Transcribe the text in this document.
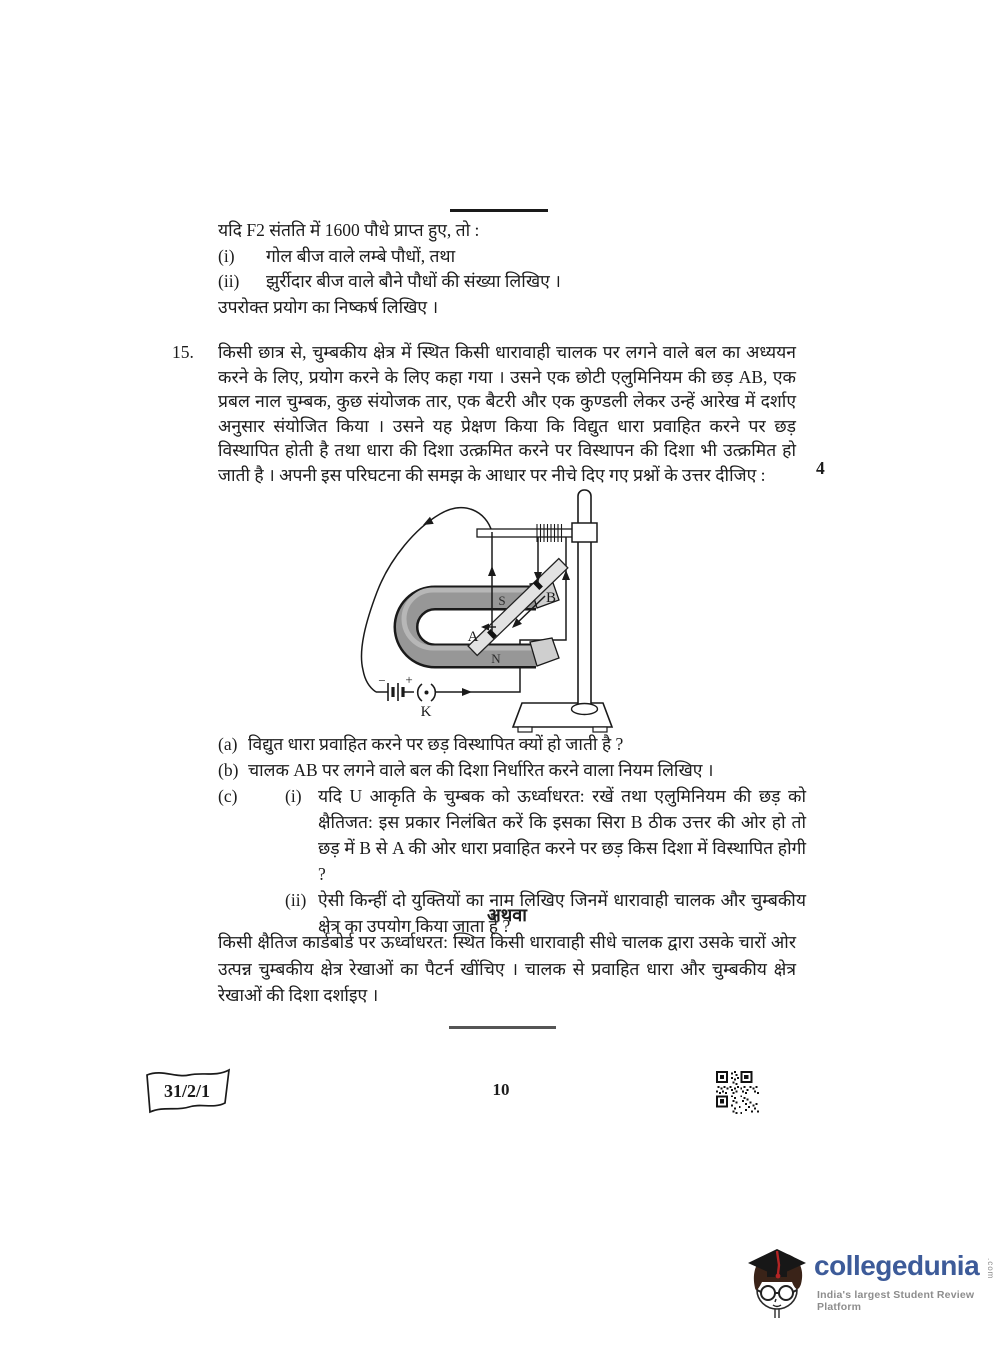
यदि F2 संतति में 1600 पौधे प्राप्त हुए, तो :
(i)	गोल बीज वाले लम्बे पौधों, तथा
(ii)	झुर्रीदार बीज वाले बौने पौधों की संख्या लिखिए ।
उपरोक्त प्रयोग का निष्कर्ष लिखिए ।
15. किसी छात्र से, चुम्बकीय क्षेत्र में स्थित किसी धारावाही चालक पर लगने वाले बल का अध्ययन करने के लिए, प्रयोग करने के लिए कहा गया । उसने एक छोटी एलुमिनियम की छड़ AB, एक प्रबल नाल चुम्बक, कुछ संयोजक तार, एक बैटरी और एक कुण्डली लेकर उन्हें आरेख में दर्शाए अनुसार संयोजित किया । उसने यह प्रेक्षण किया कि विद्युत धारा प्रवाहित करने पर छड़ विस्थापित होती है तथा धारा की दिशा उत्क्रमित करने पर विस्थापन की दिशा भी उत्क्रमित हो जाती है । अपनी इस परिघटना की समझ के आधार पर नीचे दिए गए प्रश्नों के उत्तर दीजिए :	4
− +
K
S
N
A
B
(a) विद्युत धारा प्रवाहित करने पर छड़ विस्थापित क्यों हो जाती है ?
(b) चालक AB पर लगने वाले बल की दिशा निर्धारित करने वाला नियम लिखिए ।
(c)	(i) यदि U आकृति के चुम्बक को ऊर्ध्वाधरत: रखें तथा एलुमिनियम की छड़ को क्षैतिजत: इस प्रकार निलंबित करें कि इसका सिरा B ठीक उत्तर की ओर हो तो छड़ में B से A की ओर धारा प्रवाहित करने पर छड़ किस दिशा में विस्थापित होगी ?
(ii) ऐसी किन्हीं दो युक्तियों का नाम लिखिए जिनमें धारावाही चालक और चुम्बकीय क्षेत्र का उपयोग किया जाता है ?
अथवा
किसी क्षैतिज कार्डबोर्ड पर ऊर्ध्वाधरत: स्थित किसी धारावाही सीधे चालक द्वारा उसके चारों ओर उत्पन्न चुम्बकीय क्षेत्र रेखाओं का पैटर्न खींचिए । चालक से प्रवाहित धारा और चुम्बकीय क्षेत्र रेखाओं की दिशा दर्शाइए ।
31/2/1	10
collegedunia .com
India's largest Student Review Platform
